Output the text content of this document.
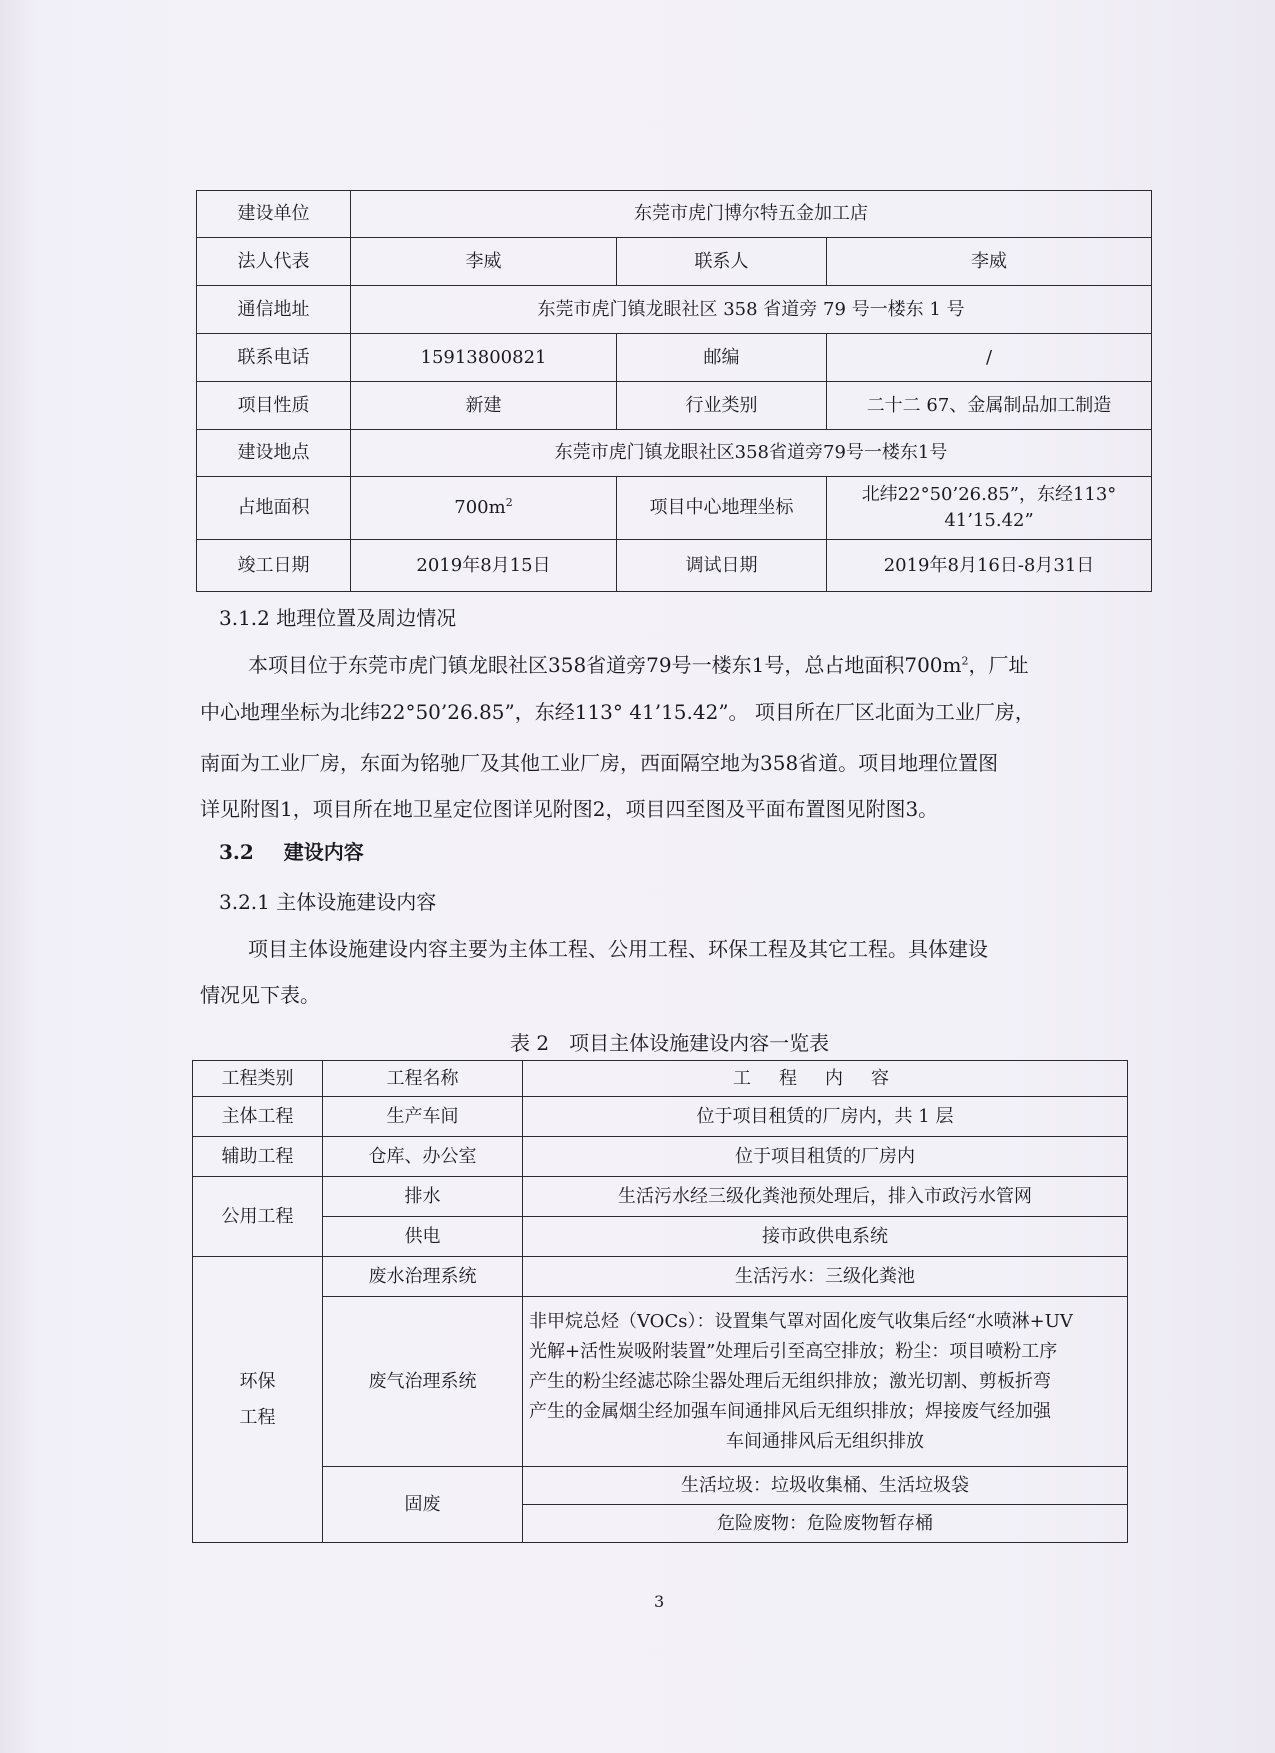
建设单位	东莞市虎门博尔特五金加工店		
法人代表	李威	联系人	李威
通信地址	东莞市虎门镇龙眼社区 358 省道旁 79 号一楼东 1 号		
联系电话	15913800821	邮编	/
项目性质	新建	行业类别	二十二 67、金属制品加工制造
建设地点	东莞市虎门镇龙眼社区358省道旁79号一楼东1号		
占地面积	$700m^2$	项目中心地理坐标	北纬22°50’26.85”，东经113°
41’15.42”

竣工日期	2019年8月15日	调试日期	2019年8月16日-8月31日
3.1.2 地理位置及周边情况

本项目位于东莞市虎门镇龙眼社区358省道旁79号一楼东1号，总占地面积$700m^2$，厂址

中心地理坐标为北纬22°50’26.85”，东经113° 41’15.42”。 项目所在厂区北面为工业厂房，

南面为工业厂房，东面为铭驰厂及其他工业厂房，西面隔空地为358省道。项目地理位置图

详见附图1，项目所在地卫星定位图详见附图2，项目四至图及平面布置图见附图3。

3.2 建设内容
3.2.1 主体设施建设内容

项目主体设施建设内容主要为主体工程、公用工程、环保工程及其它工程。具体建设

情况见下表。

表 2　项目主体设施建设内容一览表
工程类别	工程名称	工程内容
主体工程	生产车间	位于项目租赁的厂房内，共 1 层
辅助工程	仓库、办公室	位于项目租赁的厂房内
公用工程	排水	生活污水经三级化粪池预处理后，排入市政污水管网
	供电	接市政供电系统

环保
工程	废水治理系统	生活污水：三级化粪池
	废气治理系统	非甲烷总烃（VOCs）：设置集气罩对固化废气收集后经“水喷淋+UV
光解+活性炭吸附装置”处理后引至高空排放；粉尘：项目喷粉工序
产生的粉尘经滤芯除尘器处理后无组织排放；激光切割、剪板折弯
产生的金属烟尘经加强车间通排风后无组织排放；焊接废气经加强
车间通排风后无组织排放

	固废	生活垃圾：垃圾收集桶、生活垃圾袋
		危险废物：危险废物暂存桶
3
